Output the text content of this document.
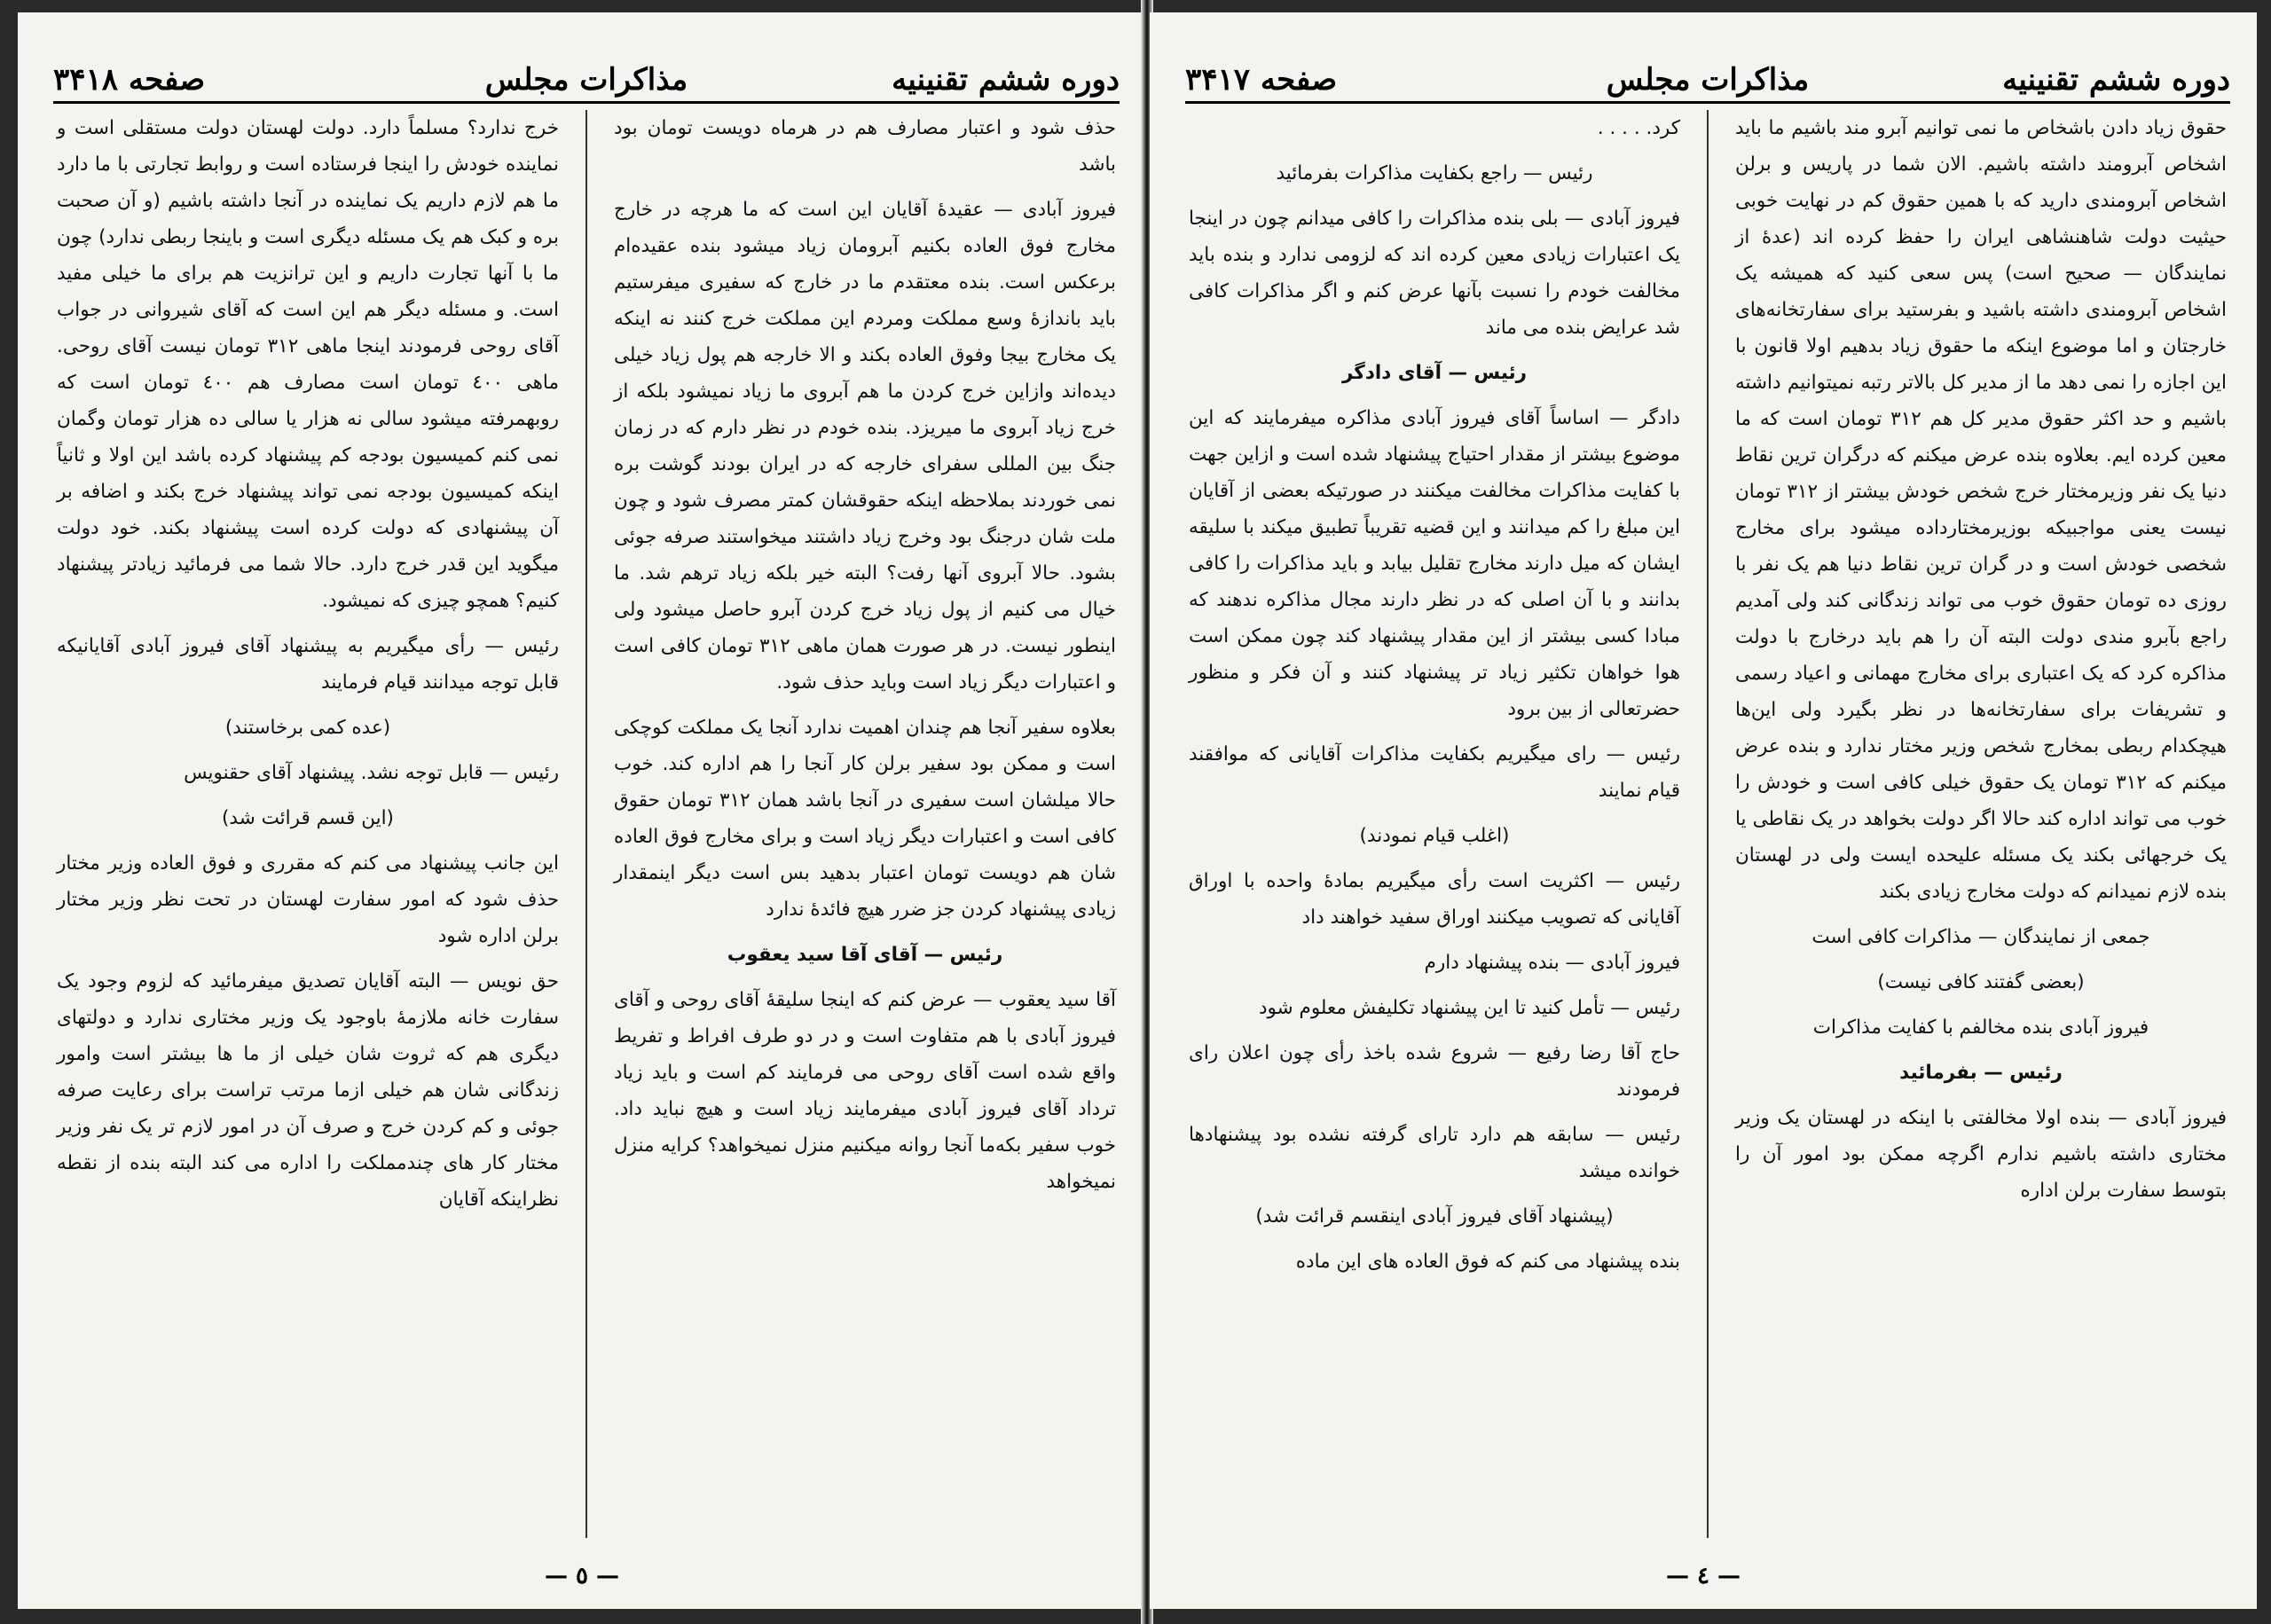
دوره ششم تقنینیه
مذاکرات مجلس
صفحه ۳۴۱۸
حذف شود و اعتبار مصارف هم در هرماه دویست تومان بود باشد
فیروز آبادی — عقیدهٔ آقایان این است که ما هرچه در خارج مخارج فوق العاده بکنیم آبرومان زیاد میشود بنده عقیده‌ام برعکس است. بنده معتقدم ما در خارج که سفیری میفرستیم باید باندازهٔ وسع مملکت ومردم این مملکت خرج کنند نه اینکه یک مخارج بیجا وفوق العاده بکند و الا خارجه هم پول زیاد خیلی دیده‌اند وازاین خرج کردن ما هم آبروی ما زیاد نمیشود بلکه از خرج زیاد آبروی ما میریزد. بنده خودم در نظر دارم که در زمان جنگ بین المللی سفرای خارجه که در ایران بودند گوشت بره نمی خوردند بملاحظه اینکه حقوقشان کمتر مصرف شود و چون ملت شان درجنگ بود وخرج زیاد داشتند میخواستند صرفه جوئی بشود. حالا آبروی آنها رفت؟ البته خیر بلکه زیاد ترهم شد. ما خیال می کنیم از پول زیاد خرج کردن آبرو حاصل میشود ولی اینطور نیست. در هر صورت همان ماهی ۳۱۲ تومان کافی است و اعتبارات دیگر زیاد است وباید حذف شود.
بعلاوه سفیر آنجا هم چندان اهمیت ندارد آنجا یک مملکت کوچکی است و ممکن بود سفیر برلن کار آنجا را هم اداره کند. خوب حالا میلشان است سفیری در آنجا باشد همان ۳۱۲ تومان حقوق کافی است و اعتبارات دیگر زیاد است و برای مخارج فوق العاده شان هم دویست تومان اعتبار بدهید بس است دیگر اینمقدار زیادی پیشنهاد کردن جز ضرر هیچ فائدهٔ ندارد
رئیس — آقای آقا سید یعقوب
آقا سید یعقوب — عرض کنم که اینجا سلیقهٔ آقای روحی و آقای فیروز آبادی با هم متفاوت است و در دو طرف افراط و تفریط واقع شده است آقای روحی می فرمایند کم است و باید زیاد ترداد آقای فیروز آبادی میفرمایند زیاد است و هیچ نباید داد. خوب سفیر بکه‌ما آنجا روانه میکنیم منزل نمیخواهد؟ کرایه منزل نمیخواهد
خرج ندارد؟ مسلماً دارد. دولت لهستان دولت مستقلی است و نماینده خودش را اینجا فرستاده است و روابط تجارتی با ما دارد ما هم لازم داریم یک نماینده در آنجا داشته باشیم (و آن صحبت بره و کبک هم یک مسئله دیگری است و باینجا ربطی ندارد) چون ما با آنها تجارت داریم و این ترانزیت هم برای ما خیلی مفید است. و مسئله دیگر هم این است که آقای شیروانی در جواب آقای روحی فرمودند اینجا ماهی ۳۱۲ تومان نیست آقای روحی. ماهی ٤۰۰ تومان است مصارف هم ٤۰۰ تومان است که روبهمرفته میشود سالی نه هزار یا سالی ده هزار تومان وگمان نمی کنم کمیسیون بودجه کم پیشنهاد کرده باشد این اولا و ثانیاً اینکه کمیسیون بودجه نمی تواند پیشنهاد خرج بکند و اضافه بر آن پیشنهادی که دولت کرده است پیشنهاد بکند. خود دولت میگوید این قدر خرج دارد. حالا شما می فرمائید زیادتر پیشنهاد کنیم؟ همچو چیزی که نمیشود.
رئیس — رأی میگیریم به پیشنهاد آقای فیروز آبادی آقایانیکه قابل توجه میدانند قیام فرمایند
(عده کمی برخاستند)
رئیس — قابل توجه نشد. پیشنهاد آقای حقنویس
(این قسم قرائت شد)
این جانب پیشنهاد می کنم که مقرری و فوق العاده وزیر مختار حذف شود که امور سفارت لهستان در تحت نظر وزیر مختار برلن اداره شود
حق نویس — البته آقایان تصدیق میفرمائید که لزوم وجود یک سفارت خانه ملازمهٔ باوجود یک وزیر مختاری ندارد و دولتهای دیگری هم که ثروت شان خیلی از ما ها بیشتر است وامور زندگانی شان هم خیلی ازما مرتب تراست برای رعایت صرفه جوئی و کم کردن خرج و صرف آن در امور لازم تر یک نفر وزیر مختار کار های چندمملکت را اداره می کند البته بنده از نقطه نظراینکه آقایان
— ٥ —
دوره ششم تقنینیه
مذاکرات مجلس
صفحه ۳۴۱۷
حقوق زیاد دادن باشخاص ما نمی توانیم آبرو مند باشیم ما باید اشخاص آبرومند داشته باشیم. الان شما در پاریس و برلن اشخاص آبرومندی دارید که با همین حقوق کم در نهایت خوبی حیثیت دولت شاهنشاهی ایران را حفظ کرده اند (عدهٔ از نمایندگان — صحیح است) پس سعی کنید که همیشه یک اشخاص آبرومندی داشته باشید و بفرستید برای سفارتخانه‌های خارجتان و اما موضوع اینکه ما حقوق زیاد بدهیم اولا قانون با این اجازه را نمی دهد ما از مدیر کل بالاتر رتبه نمیتوانیم داشته باشیم و حد اکثر حقوق مدیر کل هم ۳۱۲ تومان است که ما معین کرده ایم. بعلاوه بنده عرض میکنم که درگران ترین نقاط دنیا یک نفر وزیرمختار خرج شخص خودش بیشتر از ۳۱۲ تومان نیست یعنی مواجبیکه بوزیرمختارداده میشود برای مخارج شخصی خودش است و در گران ترین نقاط دنیا هم یک نفر با روزی ده تومان حقوق خوب می تواند زندگانی کند ولی آمدیم راجع بآبرو مندی دولت البته آن را هم باید درخارج با دولت مذاکره کرد که یک اعتباری برای مخارج مهمانی و اعیاد رسمی و تشریفات برای سفارتخانه‌ها در نظر بگیرد ولی این‌ها هیچکدام ربطی بمخارج شخص وزیر مختار ندارد و بنده عرض میکنم که ۳۱۲ تومان یک حقوق خیلی کافی است و خودش را خوب می تواند اداره کند حالا اگر دولت بخواهد در یک نقاطی یا یک خرجهائی بکند یک مسئله علیحده ایست ولی در لهستان بنده لازم نمیدانم که دولت مخارج زیادی بکند
جمعی از نمایندگان — مذاکرات کافی است
(بعضی گفتند کافی نیست)
فیروز آبادی بنده مخالفم با کفایت مذاکرات
رئیس — بفرمائید
فیروز آبادی — بنده اولا مخالفتی با اینکه در لهستان یک وزیر مختاری داشته باشیم ندارم اگرچه ممکن بود امور آن را بتوسط سفارت برلن اداره
کرد. . . . .
رئیس — راجع بکفایت مذاکرات بفرمائید
فیروز آبادی — بلی بنده مذاکرات را کافی میدانم چون در اینجا یک اعتبارات زیادی معین کرده اند که لزومی ندارد و بنده باید مخالفت خودم را نسبت بآنها عرض کنم و اگر مذاکرات کافی شد عرایض بنده می ماند
رئیس — آقای دادگر
دادگر — اساساً آقای فیروز آبادی مذاکره میفرمایند که این موضوع بیشتر از مقدار احتیاج پیشنهاد شده است و ازاین جهت با کفایت مذاکرات مخالفت میکنند در صورتیکه بعضی از آقایان این مبلغ را کم میدانند و این قضیه تقریباً تطبیق میکند با سلیقه ایشان که میل دارند مخارج تقلیل بیابد و باید مذاکرات را کافی بدانند و با آن اصلی که در نظر دارند مجال مذاکره ندهند که مبادا کسی بیشتر از این مقدار پیشنهاد کند چون ممکن است هوا خواهان تکثیر زیاد تر پیشنهاد کنند و آن فکر و منظور حضرتعالی از بین برود
رئیس — رای میگیریم بکفایت مذاکرات آقایانی که موافقند قیام نمایند
(اغلب قیام نمودند)
رئیس — اکثریت است رأی میگیریم بمادهٔ واحده با اوراق آقایانی که تصویب میکنند اوراق سفید خواهند داد
فیروز آبادی — بنده پیشنهاد دارم
رئیس — تأمل کنید تا این پیشنهاد تکلیفش معلوم شود
حاج آقا رضا رفیع — شروع شده باخذ رأی چون اعلان رای فرمودند
رئیس — سابقه هم دارد تارای گرفته نشده بود پیشنهادها خوانده میشد
(پیشنهاد آقای فیروز آبادی اینقسم قرائت شد)
بنده پیشنهاد می کنم که فوق العاده های این ماده
— ٤ —
